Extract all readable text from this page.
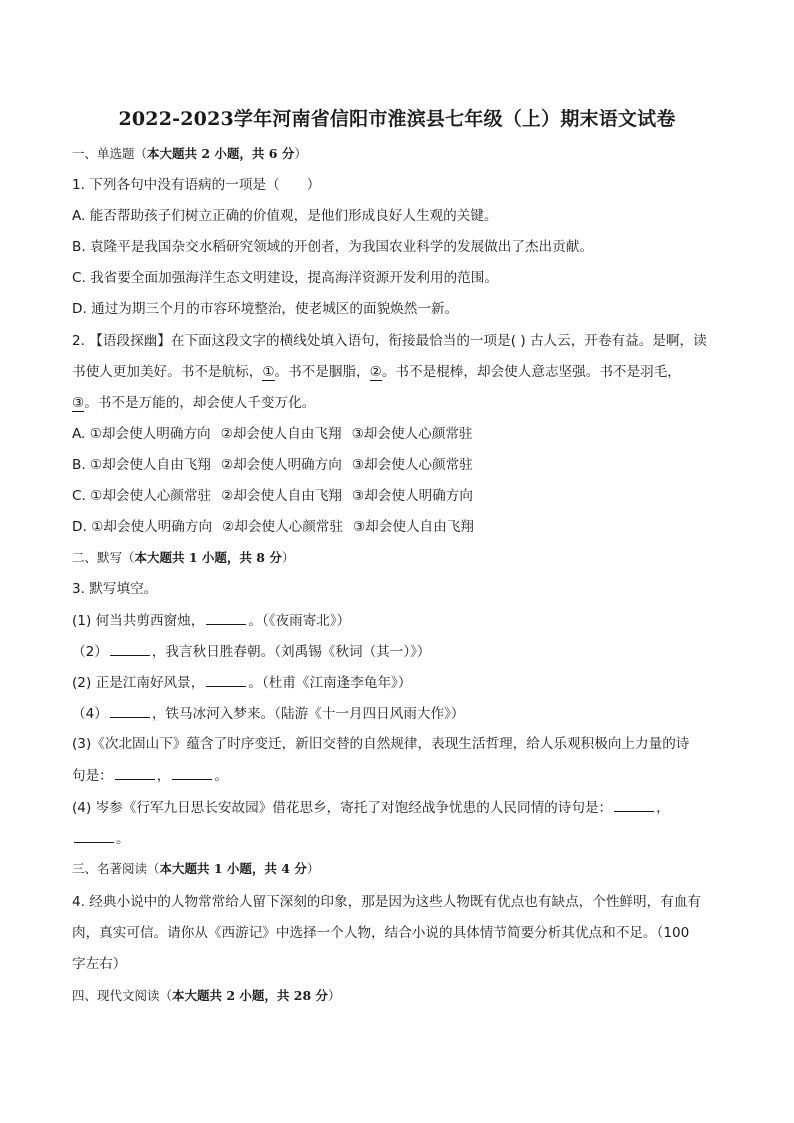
2022-2023学年河南省信阳市淮滨县七年级（上）期末语文试卷

一、单选题（本大题共 2 小题，共 6 分）

1. 下列各句中没有语病的一项是（　　）

A. 能否帮助孩子们树立正确的价值观，是他们形成良好人生观的关键。

B. 袁隆平是我国杂交水稻研究领域的开创者，为我国农业科学的发展做出了杰出贡献。

C. 我省要全面加强海洋生态文明建设，提高海洋资源开发利用的范围。

D. 通过为期三个月的市容环境整治，使老城区的面貌焕然一新。

2. 【语段探幽】在下面这段文字的横线处填入语句，衔接最恰当的一项是( ) 古人云，开卷有益。是啊，读

书使人更加美好。书不是航标，①。书不是胭脂，②。书不是棍棒，却会使人意志坚强。书不是羽毛，

③。书不是万能的，却会使人千变万化。

A. ①却会使人明确方向 ②却会使人自由飞翔 ③却会使人心颜常驻

B. ①却会使人自由飞翔 ②却会使人明确方向 ③却会使人心颜常驻

C. ①却会使人心颜常驻 ②却会使人自由飞翔 ③却会使人明确方向

D. ①却会使人明确方向 ②却会使人心颜常驻 ③却会使人自由飞翔

二、默写（本大题共 1 小题，共 8 分）

3. 默写填空。

(1) 何当共剪西窗烛，	。（《夜雨寄北》）

（2）	，我言秋日胜春朝。（刘禹锡《秋词（其一）》）

(2) 正是江南好风景，	。（杜甫《江南逢李龟年》）

（4）	，铁马冰河入梦来。（陆游《十一月四日风雨大作》）

(3)《次北固山下》蕴含了时序变迁，新旧交替的自然规律，表现生活哲理，给人乐观积极向上力量的诗

句是：	，	。

(4) 岑参《行军九日思长安故园》借花思乡，寄托了对饱经战争忧患的人民同情的诗句是：	，

。

三、名著阅读（本大题共 1 小题，共 4 分）

4. 经典小说中的人物常常给人留下深刻的印象，那是因为这些人物既有优点也有缺点，个性鲜明，有血有

肉，真实可信。请你从《西游记》中选择一个人物，结合小说的具体情节简要分析其优点和不足。（100

字左右）

四、现代文阅读（本大题共 2 小题，共 28 分）
